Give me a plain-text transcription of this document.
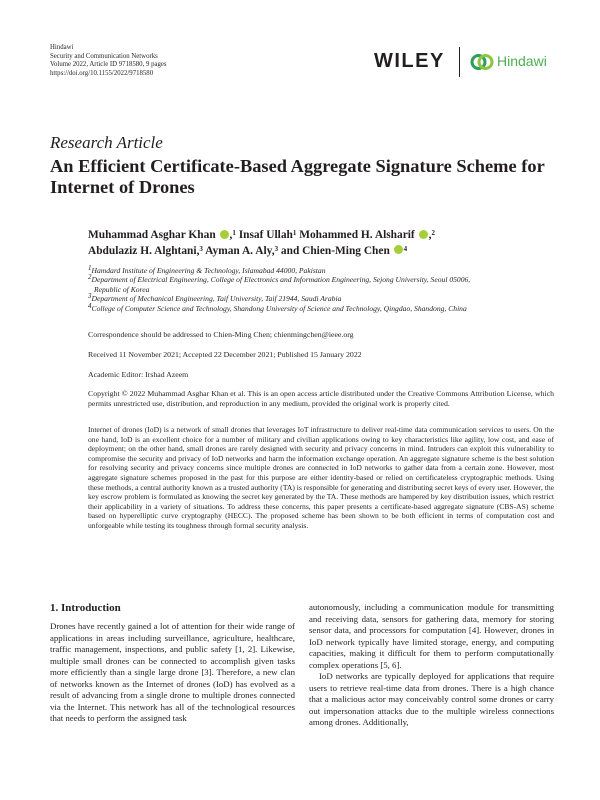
Hindawi
Security and Communication Networks
Volume 2022, Article ID 9718580, 9 pages
https://doi.org/10.1155/2022/9718580
WILEY	Hindawi
Research Article
An Efficient Certificate-Based Aggregate Signature Scheme for Internet of Drones
Muhammad Asghar Khan ,$^1$ Insaf Ullah$^1$ Mohammed H. Alsharif ,$^2$
Abdulaziz H. Alghtani,$^3$ Ayman A. Aly,$^3$ and Chien-Ming Chen $^4$

$^1$Hamdard Institute of Engineering & Technology, Islamabad 44000, Pakistan

$^2$Department of Electrical Engineering, College of Electronics and Information Engineering, Sejong University, Seoul 05006,
Republic of Korea

$^3$Department of Mechanical Engineering, Taif University, Taif 21944, Saudi Arabia

$^4$College of Computer Science and Technology, Shandong University of Science and Technology, Qingdao, Shandong, China

Correspondence should be addressed to Chien-Ming Chen; chienmingchen@ieee.org
Received 11 November 2021; Accepted 22 December 2021; Published 15 January 2022
Academic Editor: Irshad Azeem
Copyright © 2022 Muhammad Asghar Khan et al. This is an open access article distributed under the Creative Commons Attribution License, which permits unrestricted use, distribution, and reproduction in any medium, provided the original work is properly cited.
Internet of drones (IoD) is a network of small drones that leverages IoT infrastructure to deliver real-time data communication services to users. On the one hand, IoD is an excellent choice for a number of military and civilian applications owing to key characteristics like agility, low cost, and ease of deployment; on the other hand, small drones are rarely designed with security and privacy concerns in mind. Intruders can exploit this vulnerability to compromise the security and privacy of IoD networks and harm the information exchange operation. An aggregate signature scheme is the best solution for resolving security and privacy concerns since multiple drones are connected in IoD networks to gather data from a certain zone. However, most aggregate signature schemes proposed in the past for this purpose are either identity-based or relied on certificateless cryptographic methods. Using these methods, a central authority known as a trusted authority (TA) is responsible for generating and distributing secret keys of every user. However, the key escrow problem is formulated as knowing the secret key generated by the TA. These methods are hampered by key distribution issues, which restrict their applicability in a variety of situations. To address these concerns, this paper presents a certificate-based aggregate signature (CBS-AS) scheme based on hyperelliptic curve cryptography (HECC). The proposed scheme has been shown to be both efficient in terms of computation cost and unforgeable while testing its toughness through formal security analysis.
1. Introduction

Drones have recently gained a lot of attention for their wide range of applications in areas including surveillance, agriculture, healthcare, traffic management, inspections, and public safety [1, 2]. Likewise, multiple small drones can be connected to accomplish given tasks more efficiently than a single large drone [3]. Therefore, a new clan of networks known as the Internet of drones (IoD) has evolved as a result of advancing from a single drone to multiple drones connected via the Internet. This network has all of the technological resources that needs to perform the assigned task

autonomously, including a communication module for transmitting and receiving data, sensors for gathering data, memory for storing sensor data, and processors for computation [4]. However, drones in IoD network typically have limited storage, energy, and computing capacities, making it difficult for them to perform computationally complex operations [5, 6].

IoD networks are typically deployed for applications that require users to retrieve real-time data from drones. There is a high chance that a malicious actor may conceivably control some drones or carry out impersonation attacks due to the multiple wireless connections among drones. Additionally,
